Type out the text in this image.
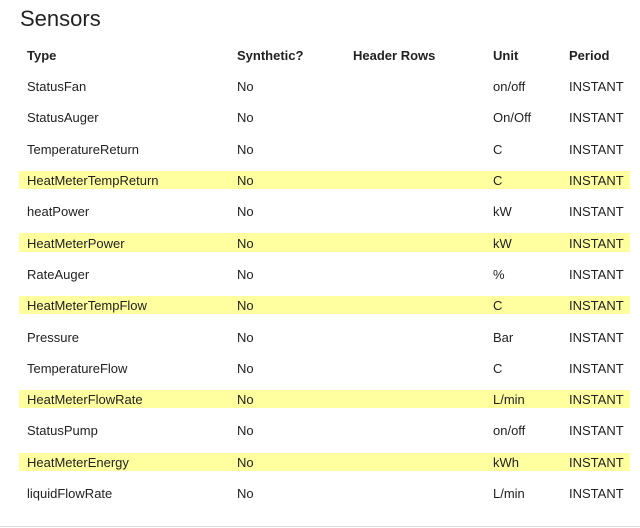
Sensors
Type	Synthetic?	Header Rows	Unit	Period
StatusFan	No		on/off	INSTANT
StatusAuger	No		On/Off	INSTANT
TemperatureReturn	No		C	INSTANT
HeatMeterTempReturn	No		C	INSTANT
heatPower	No		kW	INSTANT
HeatMeterPower	No		kW	INSTANT
RateAuger	No		%	INSTANT
HeatMeterTempFlow	No		C	INSTANT
Pressure	No		Bar	INSTANT
TemperatureFlow	No		C	INSTANT
HeatMeterFlowRate	No		L/min	INSTANT
StatusPump	No		on/off	INSTANT
HeatMeterEnergy	No		kWh	INSTANT
liquidFlowRate	No		L/min	INSTANT
